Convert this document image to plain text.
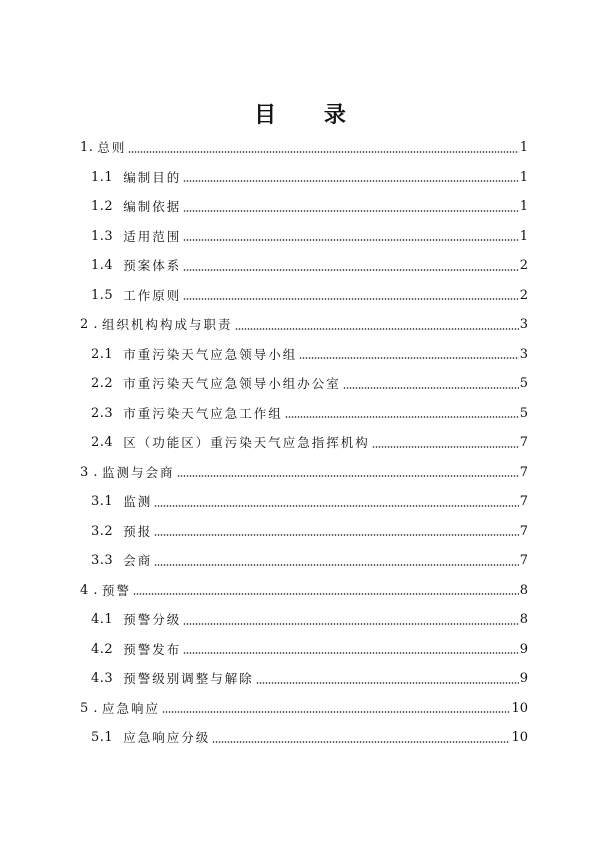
目 录
1. 总则	1
1.1 编制目的	1
1.2 编制依据	1
1.3 适用范围	1
1.4 预案体系	2
1.5 工作原则	2
2 . 组织机构构成与职责	3
2.1 市重污染天气应急领导小组	3
2.2 市重污染天气应急领导小组办公室	5
2.3 市重污染天气应急工作组	5
2.4 区（功能区）重污染天气应急指挥机构	7
3 . 监测与会商	7
3.1 监测	7
3.2 预报	7
3.3 会商	7
4 . 预警	8
4.1 预警分级	8
4.2 预警发布	9
4.3 预警级别调整与解除	9
5 . 应急响应	10
5.1 应急响应分级	10
